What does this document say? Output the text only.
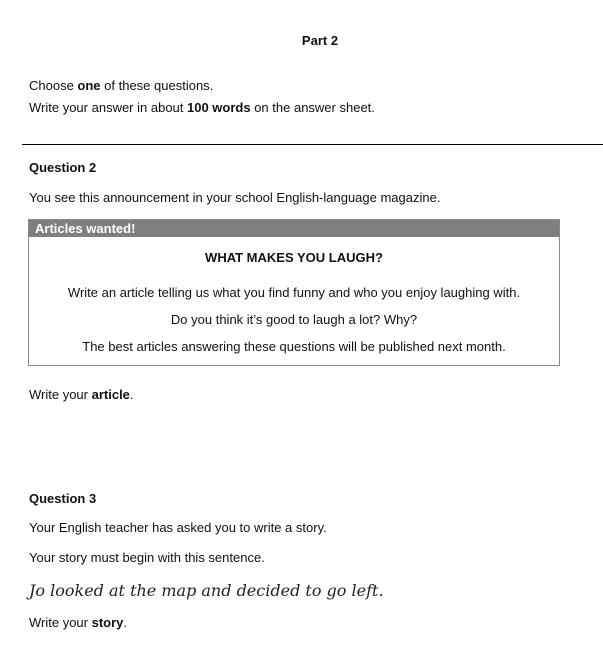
Part 2
Choose one of these questions.
Write your answer in about 100 words on the answer sheet.
Question 2
You see this announcement in your school English-language magazine.
Articles wanted!
WHAT MAKES YOU LAUGH?
Write an article telling us what you find funny and who you enjoy laughing with.
Do you think it’s good to laugh a lot? Why?
The best articles answering these questions will be published next month.
Write your article.
Question 3
Your English teacher has asked you to write a story.
Your story must begin with this sentence.
Jo looked at the map and decided to go left.
Write your story.
